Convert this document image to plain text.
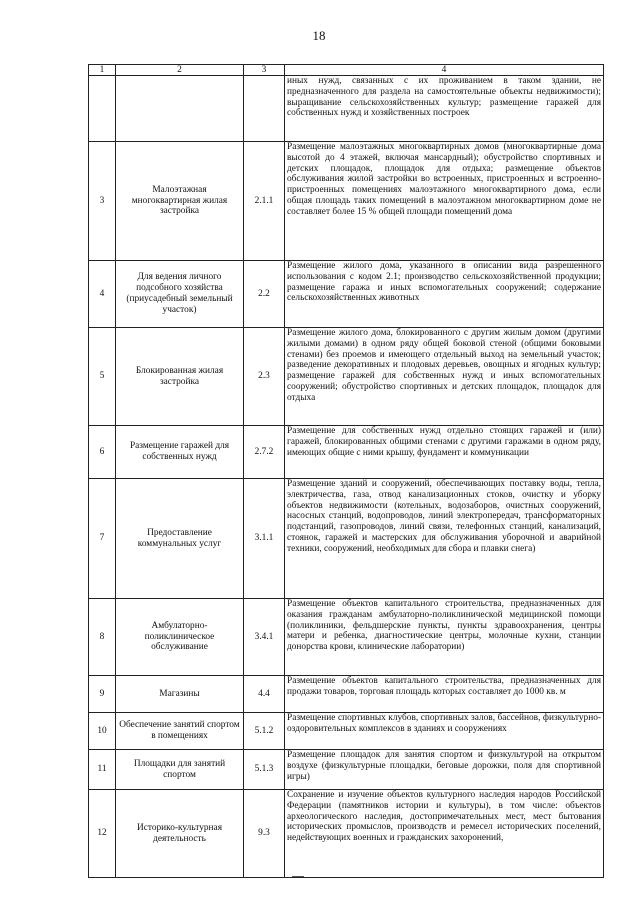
18
1	2	3	4
			иных нужд, связанных с их проживанием в таком здании, не предназначенного для раздела на самостоятельные объекты недвижимости); выращивание сельскохозяйственных культур; размещение гаражей для собственных нужд и хозяйственных построек
3	Малоэтажная многоквартирная жилая застройка	2.1.1	Размещение малоэтажных многоквартирных домов (многоквартирные дома высотой до 4 этажей, включая мансардный); обустройство спортивных и детских площадок, площадок для отдыха; размещение объектов обслуживания жилой застройки во встроенных, пристроенных и встроенно-пристроенных помещениях малоэтажного многоквартирного дома, если общая площадь таких помещений в малоэтажном многоквартирном доме не составляет более 15 % общей площади помещений дома
4	Для ведения личного подсобного хозяйства (приусадебный земельный участок)	2.2	Размещение жилого дома, указанного в описании вида разрешенного использования с кодом 2.1; производство сельскохозяйственной продукции; размещение гаража и иных вспомогательных сооружений; содержание сельскохозяйственных животных
5	Блокированная жилая застройка	2.3	Размещение жилого дома, блокированного с другим жилым домом (другими жилыми домами) в одном ряду общей боковой стеной (общими боковыми стенами) без проемов и имеющего отдельный выход на земельный участок; разведение декоративных и плодовых деревьев, овощных и ягодных культур; размещение гаражей для собственных нужд и иных вспомогательных сооружений; обустройство спортивных и детских площадок, площадок для отдыха
6	Размещение гаражей для собственных нужд	2.7.2	Размещение для собственных нужд отдельно стоящих гаражей и (или) гаражей, блокированных общими стенами с другими гаражами в одном ряду, имеющих общие с ними крышу, фундамент и коммуникации
7	Предоставление коммунальных услуг	3.1.1	Размещение зданий и сооружений, обеспечивающих поставку воды, тепла, электричества, газа, отвод канализационных стоков, очистку и уборку объектов недвижимости (котельных, водозаборов, очистных сооружений, насосных станций, водопроводов, линий электропередач, трансформаторных подстанций, газопроводов, линий связи, телефонных станций, канализаций, стоянок, гаражей и мастерских для обслуживания уборочной и аварийной техники, сооружений, необходимых для сбора и плавки снега)
8	Амбулаторно-поликлиническое обслуживание	3.4.1	Размещение объектов капитального строительства, предназначенных для оказания гражданам амбулаторно-поликлинической медицинской помощи (поликлиники, фельдшерские пункты, пункты здравоохранения, центры матери и ребенка, диагностические центры, молочные кухни, станции донорства крови, клинические лаборатории)
9	Магазины	4.4	Размещение объектов капитального строительства, предназначенных для продажи товаров, торговая площадь которых составляет до 1000 кв. м
10	Обеспечение занятий спортом в помещениях	5.1.2	Размещение спортивных клубов, спортивных залов, бассейнов, физкультурно-оздоровительных комплексов в зданиях и сооружениях
11	Площадки для занятий спортом	5.1.3	Размещение площадок для занятия спортом и физкультурой на открытом воздухе (физкультурные площадки, беговые дорожки, поля для спортивной игры)
12	Историко-культурная деятельность	9.3	Сохранение и изучение объектов культурного наследия народов Российской Федерации (памятников истории и культуры), в том числе: объектов археологического наследия, достопримечательных мест, мест бытования исторических промыслов, производств и ремесел исторических поселений, недействующих военных и гражданских захоронений,
